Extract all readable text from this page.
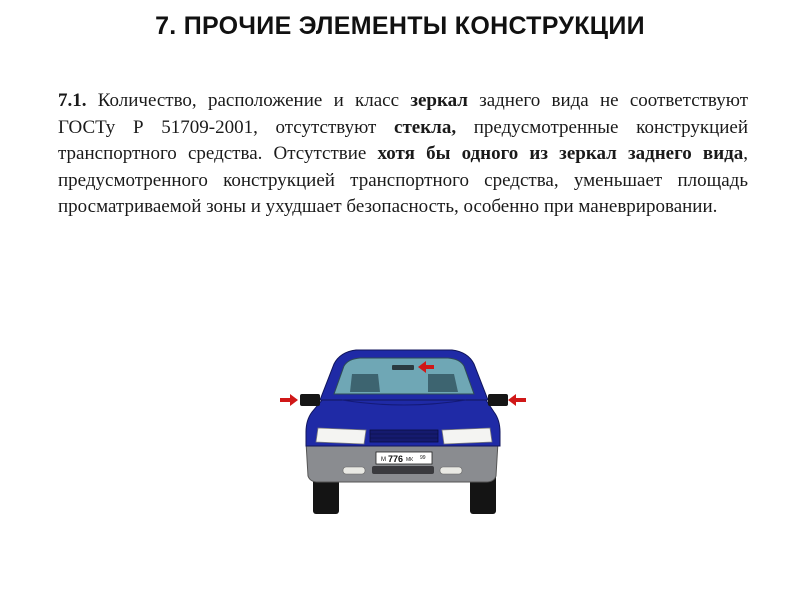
7. ПРОЧИЕ ЭЛЕМЕНТЫ КОНСТРУКЦИИ
7.1. Количество, расположение и класс зеркал заднего вида не соответствуют ГОСТу Р 51709-2001, отсутствуют стекла, предусмотренные конструкцией транспортного средства. Отсутствие хотя бы одного из зеркал заднего вида, предусмотренного конструкцией транспортного средства, уменьшает площадь просматриваемой зоны и ухудшает безопасность, особенно при маневрировании.
М 776 МК 99
